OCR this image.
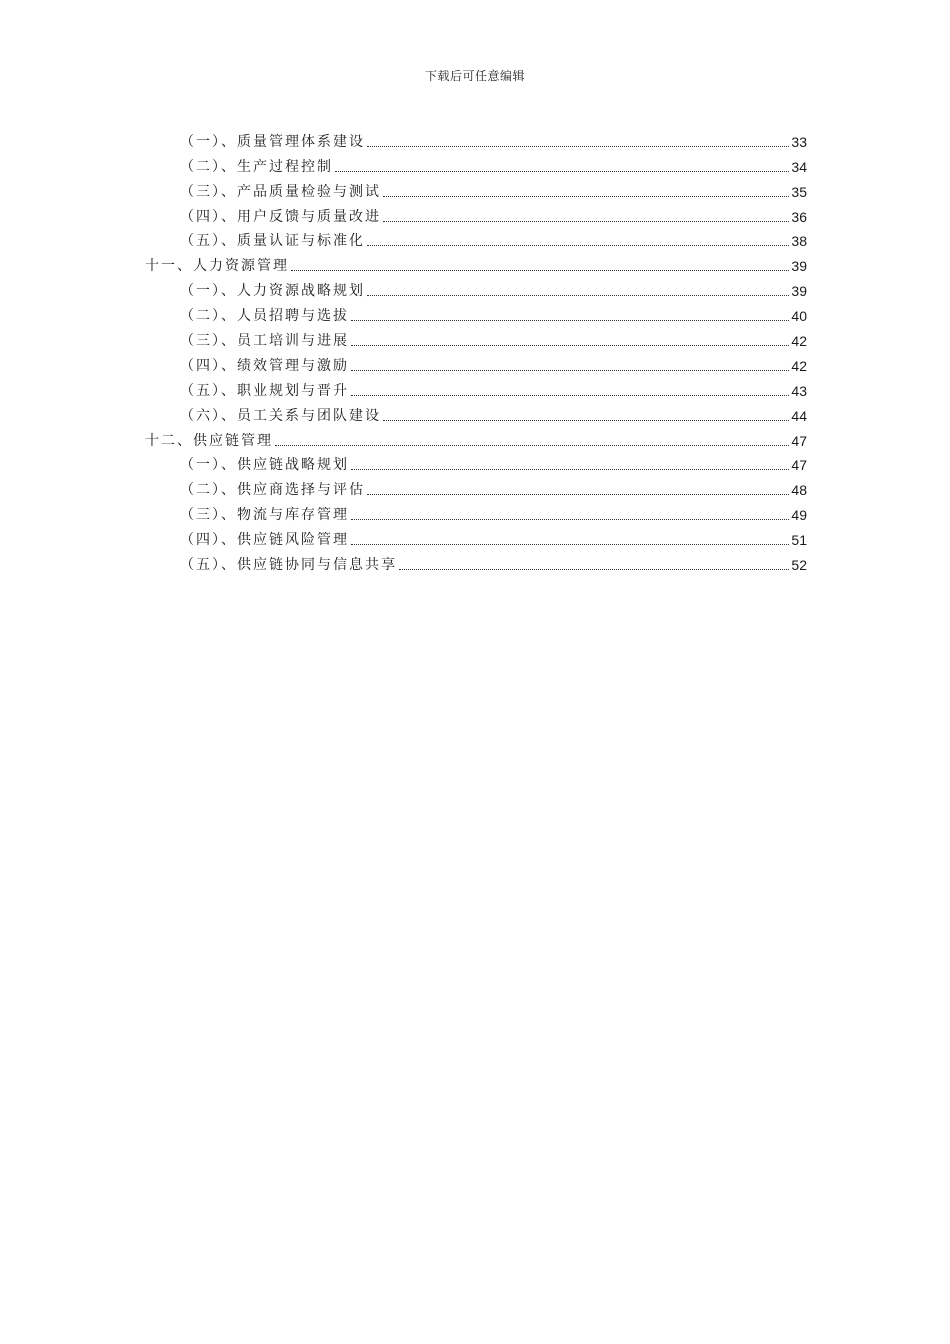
下载后可任意编辑
（一）、质量管理体系建设	33
（二）、生产过程控制	34
（三）、产品质量检验与测试	35
（四）、用户反馈与质量改进	36
（五）、质量认证与标准化	38
十一、人力资源管理	39
（一）、人力资源战略规划	39
（二）、人员招聘与选拔	40
（三）、员工培训与进展	42
（四）、绩效管理与激励	42
（五）、职业规划与晋升	43
（六）、员工关系与团队建设	44
十二、供应链管理	47
（一）、供应链战略规划	47
（二）、供应商选择与评估	48
（三）、物流与库存管理	49
（四）、供应链风险管理	51
（五）、供应链协同与信息共享	52
